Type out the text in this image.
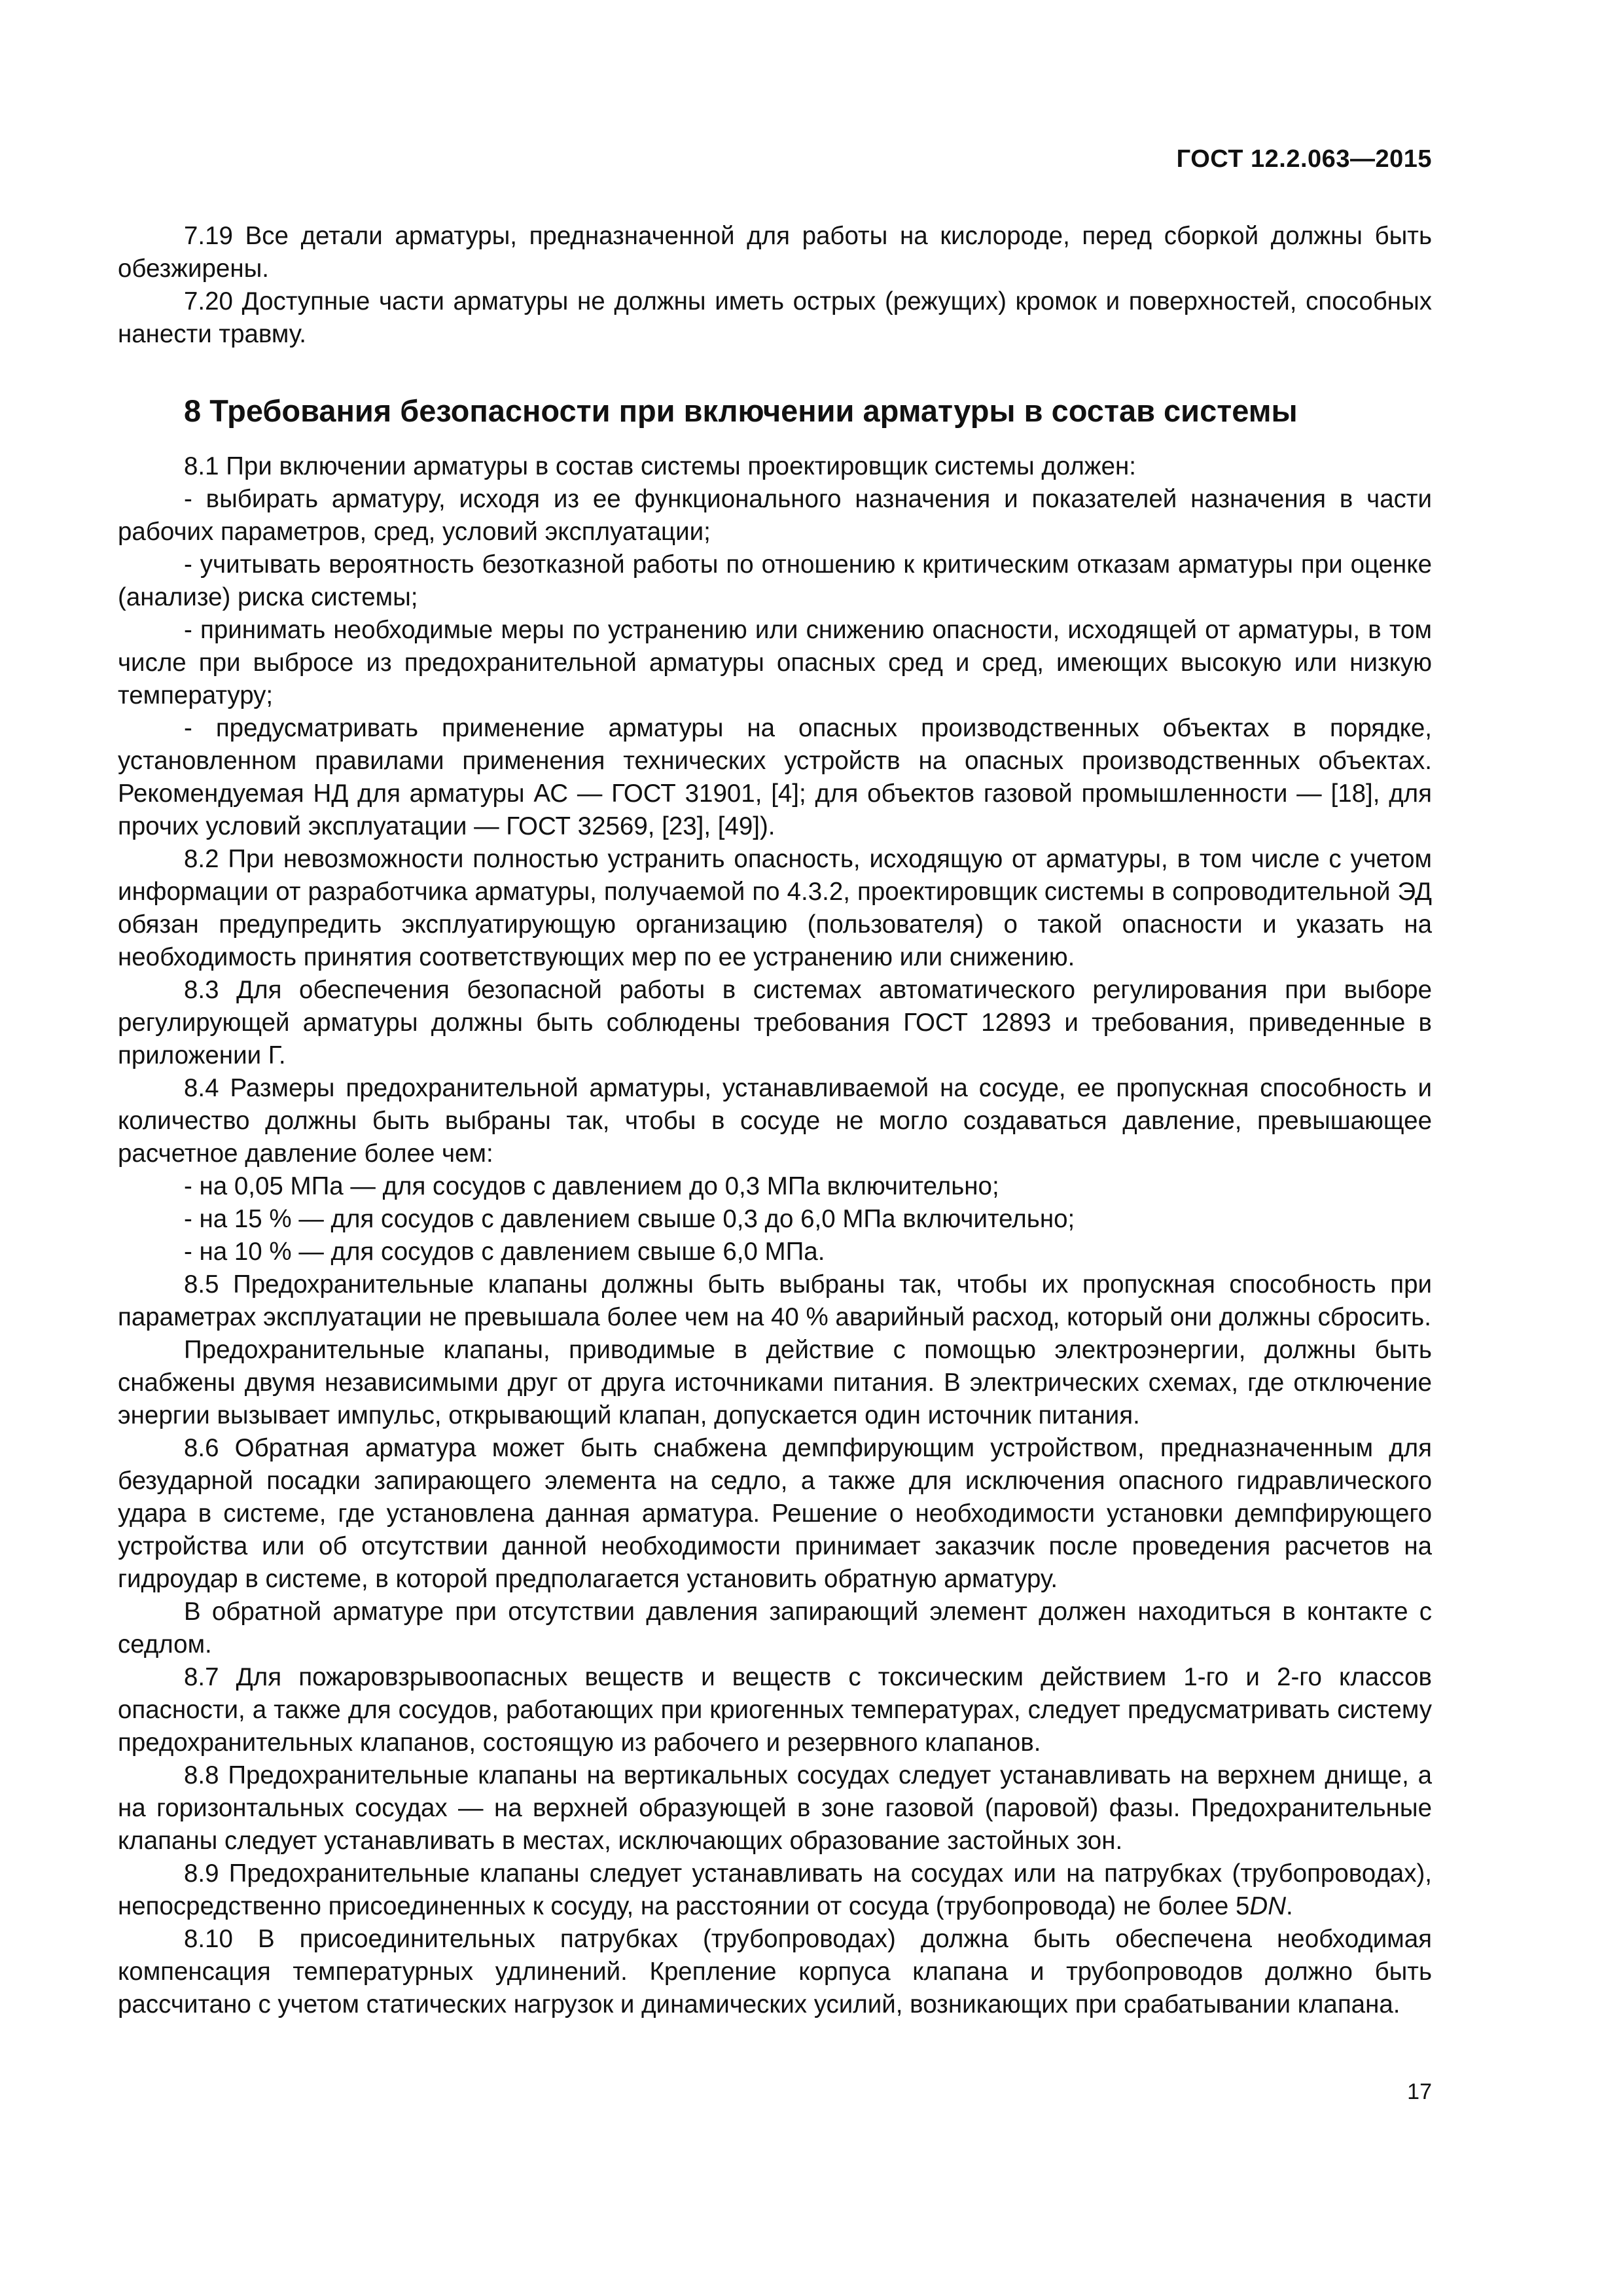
ГОСТ 12.2.063—2015

7.19 Все детали арматуры, предназначенной для работы на кислороде, перед сборкой должны быть обезжирены.

7.20 Доступные части арматуры не должны иметь острых (режущих) кромок и поверхностей, способных нанести травму.

8 Требования безопасности при включении арматуры в состав системы

8.1 При включении арматуры в состав системы проектировщик системы должен:

- выбирать арматуру, исходя из ее функционального назначения и показателей назначения в части рабочих параметров, сред, условий эксплуатации;

- учитывать вероятность безотказной работы по отношению к критическим отказам арматуры при оценке (анализе) риска системы;

- принимать необходимые меры по устранению или снижению опасности, исходящей от арматуры, в том числе при выбросе из предохранительной арматуры опасных сред и сред, имеющих высокую или низкую температуру;

- предусматривать применение арматуры на опасных производственных объектах в порядке, установленном правилами применения технических устройств на опасных производственных объектах. Рекомендуемая НД для арматуры АС — ГОСТ 31901, [4]; для объектов газовой промышленности — [18], для прочих условий эксплуатации — ГОСТ 32569, [23], [49]).

8.2 При невозможности полностью устранить опасность, исходящую от арматуры, в том числе с учетом информации от разработчика арматуры, получаемой по 4.3.2, проектировщик системы в сопроводительной ЭД обязан предупредить эксплуатирующую организацию (пользователя) о такой опасности и указать на необходимость принятия соответствующих мер по ее устранению или снижению.

8.3 Для обеспечения безопасной работы в системах автоматического регулирования при выборе регулирующей арматуры должны быть соблюдены требования ГОСТ 12893 и требования, приведенные в приложении Г.

8.4 Размеры предохранительной арматуры, устанавливаемой на сосуде, ее пропускная способность и количество должны быть выбраны так, чтобы в сосуде не могло создаваться давление, превышающее расчетное давление более чем:

- на 0,05 МПа — для сосудов с давлением до 0,3 МПа включительно;

- на 15 % — для сосудов с давлением свыше 0,3 до 6,0 МПа включительно;

- на 10 % — для сосудов с давлением свыше 6,0 МПа.

8.5 Предохранительные клапаны должны быть выбраны так, чтобы их пропускная способность при параметрах эксплуатации не превышала более чем на 40 % аварийный расход, который они должны сбросить.

Предохранительные клапаны, приводимые в действие с помощью электроэнергии, должны быть снабжены двумя независимыми друг от друга источниками питания. В электрических схемах, где отключение энергии вызывает импульс, открывающий клапан, допускается один источник питания.

8.6 Обратная арматура может быть снабжена демпфирующим устройством, предназначенным для безударной посадки запирающего элемента на седло, а также для исключения опасного гидравлического удара в системе, где установлена данная арматура. Решение о необходимости установки демпфирующего устройства или об отсутствии данной необходимости принимает заказчик после проведения расчетов на гидроудар в системе, в которой предполагается установить обратную арматуру.

В обратной арматуре при отсутствии давления запирающий элемент должен находиться в контакте с седлом.

8.7 Для пожаровзрывоопасных веществ и веществ с токсическим действием 1-го и 2-го классов опасности, а также для сосудов, работающих при криогенных температурах, следует предусматривать систему предохранительных клапанов, состоящую из рабочего и резервного клапанов.

8.8 Предохранительные клапаны на вертикальных сосудах следует устанавливать на верхнем днище, а на горизонтальных сосудах — на верхней образующей в зоне газовой (паровой) фазы. Предохранительные клапаны следует устанавливать в местах, исключающих образование застойных зон.

8.9 Предохранительные клапаны следует устанавливать на сосудах или на патрубках (трубопроводах), непосредственно присоединенных к сосуду, на расстоянии от сосуда (трубопровода) не более 5DN.

8.10 В присоединительных патрубках (трубопроводах) должна быть обеспечена необходимая компенсация температурных удлинений. Крепление корпуса клапана и трубопроводов должно быть рассчитано с учетом статических нагрузок и динамических усилий, возникающих при срабатывании клапана.

17
